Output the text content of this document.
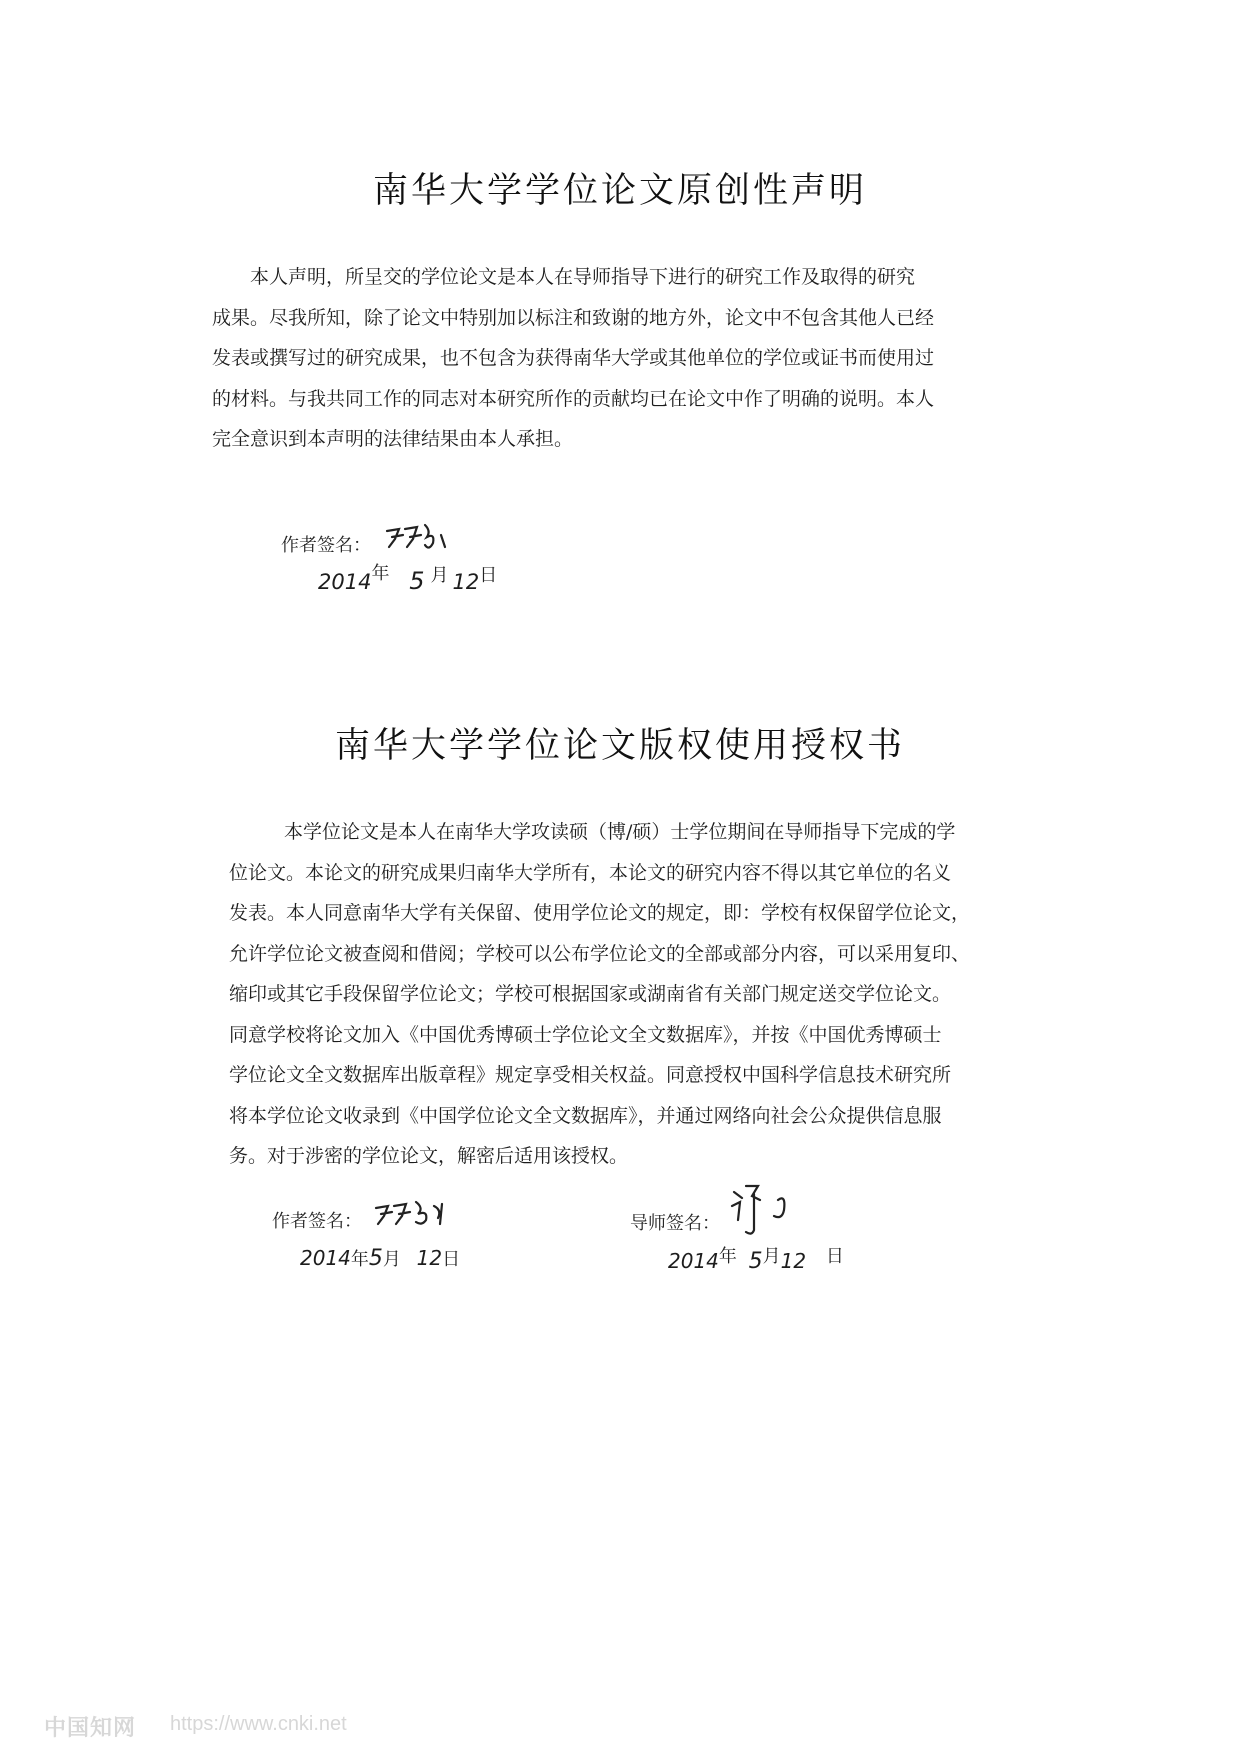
南华大学学位论文原创性声明
本人声明，所呈交的学位论文是本人在导师指导下进行的研究工作及取得的研究
成果。尽我所知，除了论文中特别加以标注和致谢的地方外，论文中不包含其他人已经
发表或撰写过的研究成果，也不包含为获得南华大学或其他单位的学位或证书而使用过
的材料。与我共同工作的同志对本研究所作的贡献均已在论文中作了明确的说明。本人
完全意识到本声明的法律结果由本人承担。
作者签名：
2014年 5 月 12日
南华大学学位论文版权使用授权书
本学位论文是本人在南华大学攻读硕（博/硕）士学位期间在导师指导下完成的学
位论文。本论文的研究成果归南华大学所有，本论文的研究内容不得以其它单位的名义
发表。本人同意南华大学有关保留、使用学位论文的规定，即：学校有权保留学位论文，
允许学位论文被查阅和借阅；学校可以公布学位论文的全部或部分内容，可以采用复印、
缩印或其它手段保留学位论文；学校可根据国家或湖南省有关部门规定送交学位论文。
同意学校将论文加入《中国优秀博硕士学位论文全文数据库》，并按《中国优秀博硕士
学位论文全文数据库出版章程》规定享受相关权益。同意授权中国科学信息技术研究所
将本学位论文收录到《中国学位论文全文数据库》，并通过网络向社会公众提供信息服
务。对于涉密的学位论文，解密后适用该授权。
作者签名：
2014年5月 12日
导师签名：
2014年 5月12 日
中国知网 https://www.cnki.net
